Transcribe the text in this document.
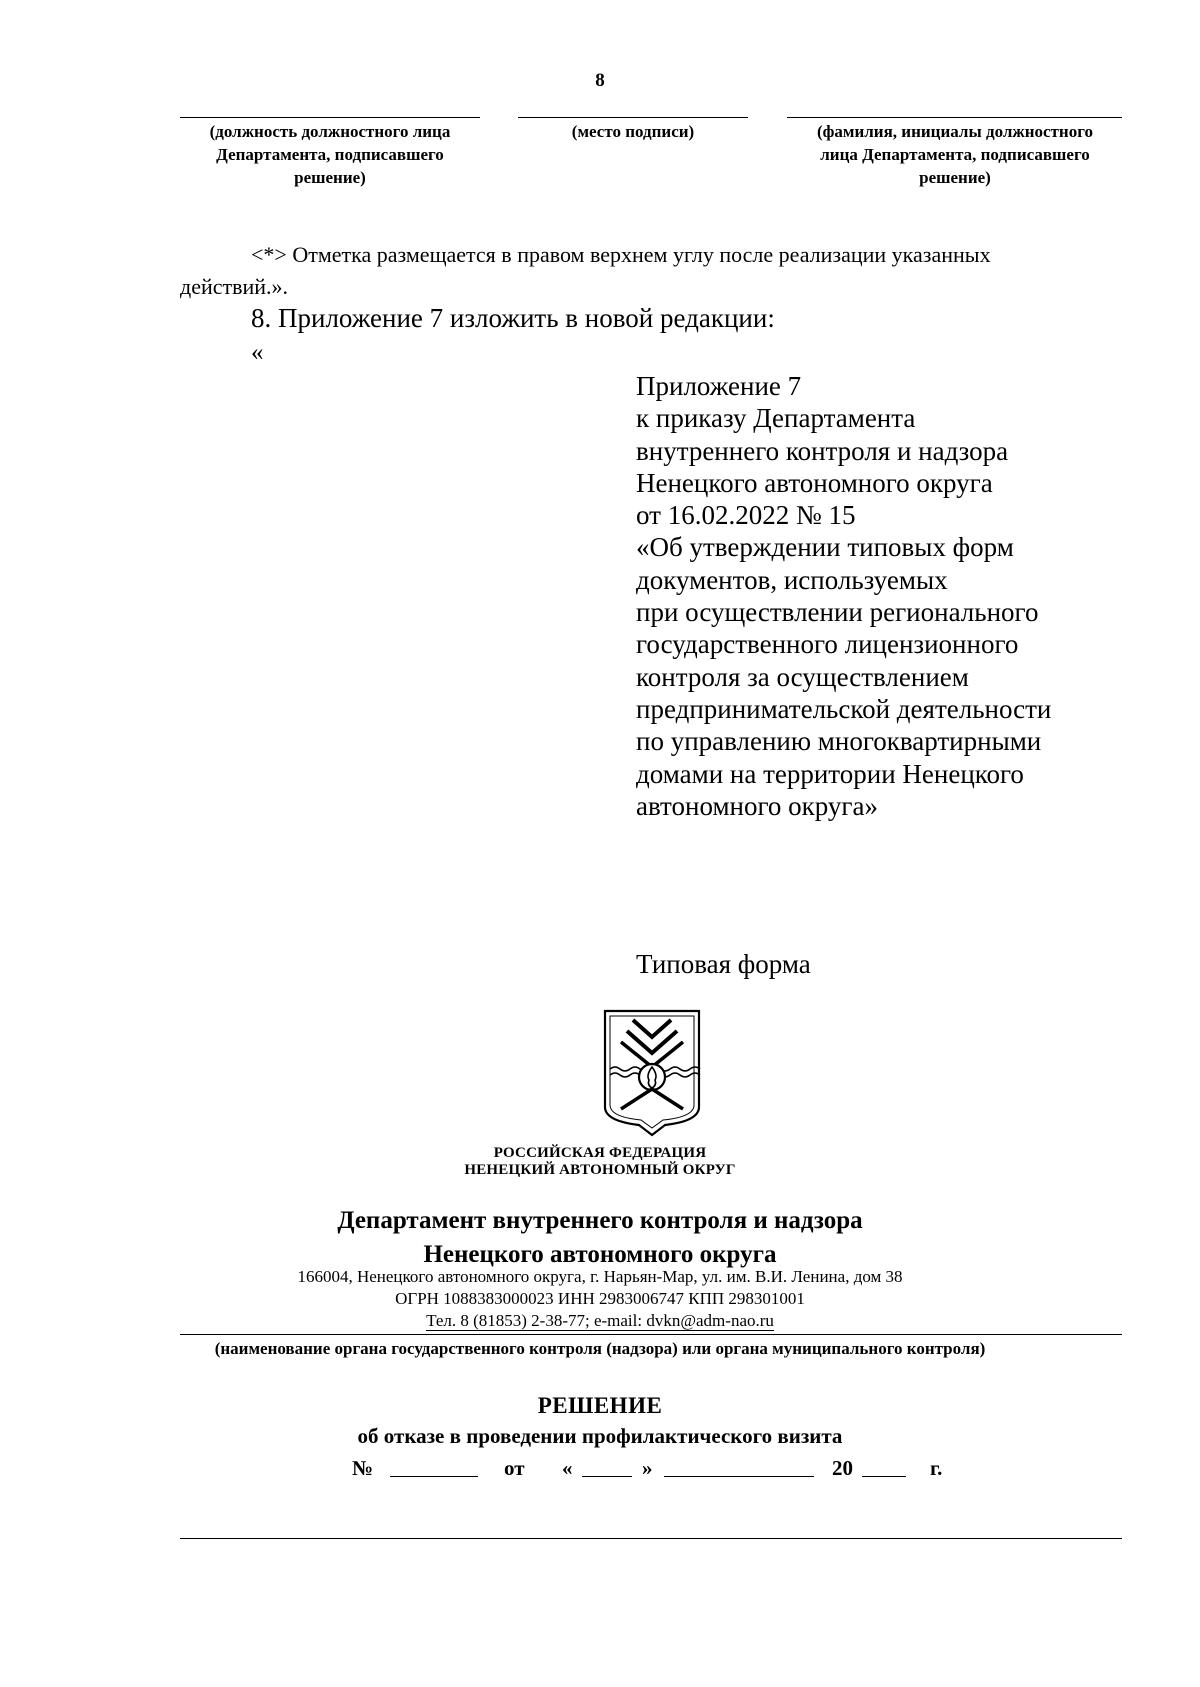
8
(должность должностного лица
Департамента, подписавшего
решение)
(место подписи)	(фамилия, инициалы должностного
лица Департамента, подписавшего
решение)
<*> Отметка размещается в правом верхнем углу после реализации указанных
действий.».
8. Приложение 7 изложить в новой редакции:
«
Приложение 7
к приказу Департамента
внутреннего контроля и надзора
Ненецкого автономного округа
от 16.02.2022 № 15
«Об утверждении типовых форм
документов, используемых
при осуществлении регионального
государственного лицензионного
контроля за осуществлением
предпринимательской деятельности
по управлению многоквартирными
домами на территории Ненецкого
автономного округа»
Типовая форма
РОССИЙСКАЯ ФЕДЕРАЦИЯ
НЕНЕЦКИЙ АВТОНОМНЫЙ ОКРУГ
Департамент внутреннего контроля и надзора
Ненецкого автономного округа
166004, Ненецкого автономного округа, г. Нарьян-Мар, ул. им. В.И. Ленина, дом 38
ОГРН 1088383000023 ИНН 2983006747 КПП 298301001
Тел. 8 (81853) 2-38-77; e-mail: dvkn@adm-nao.ru
(наименование органа государственного контроля (надзора) или органа муниципального контроля)
РЕШЕНИЕ
об отказе в проведении профилактического визита
№	от «	»	20	г.
